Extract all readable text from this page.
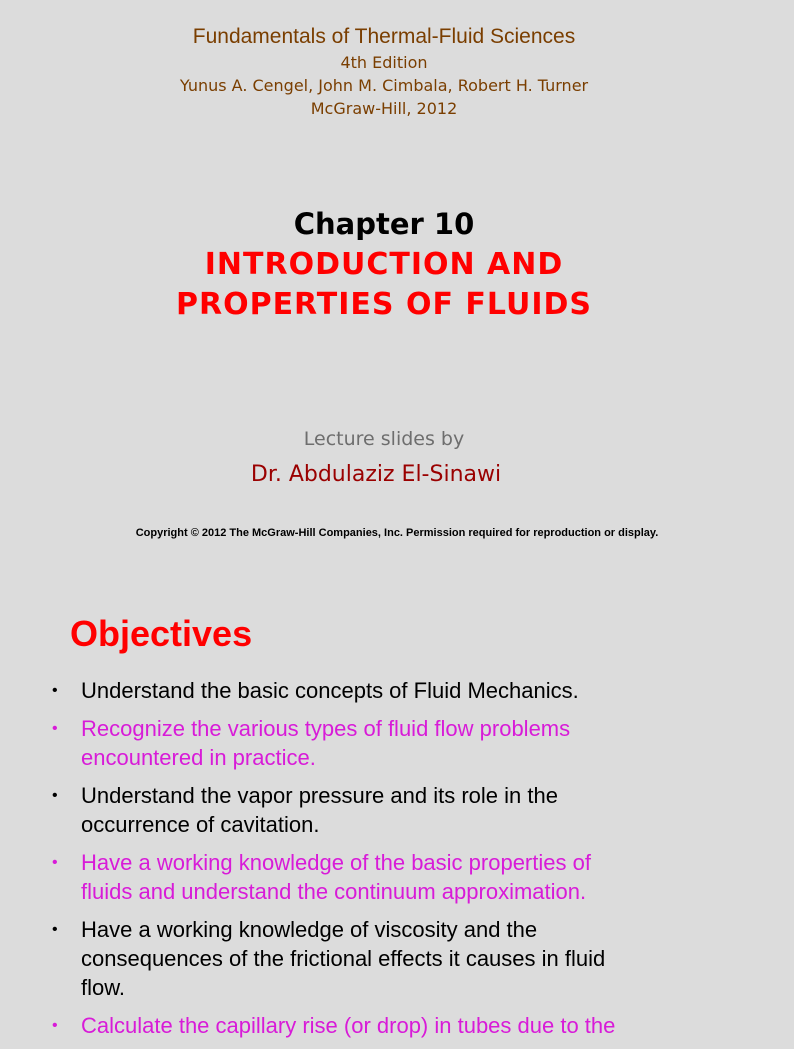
Fundamentals of Thermal-Fluid Sciences
4th Edition
Yunus A. Cengel, John M. Cimbala, Robert H. Turner
McGraw-Hill, 2012
Chapter 10
INTRODUCTION AND
PROPERTIES OF FLUIDS
Lecture slides by
Dr. Abdulaziz El-Sinawi
Copyright © 2012 The McGraw-Hill Companies, Inc. Permission required for reproduction or display.
Objectives
• Understand the basic concepts of Fluid Mechanics.
• Recognize the various types of fluid flow problems
encountered in practice.
• Understand the vapor pressure and its role in the
occurrence of cavitation.
• Have a working knowledge of the basic properties of
fluids and understand the continuum approximation.
• Have a working knowledge of viscosity and the
consequences of the frictional effects it causes in fluid
flow.
• Calculate the capillary rise (or drop) in tubes due to the
